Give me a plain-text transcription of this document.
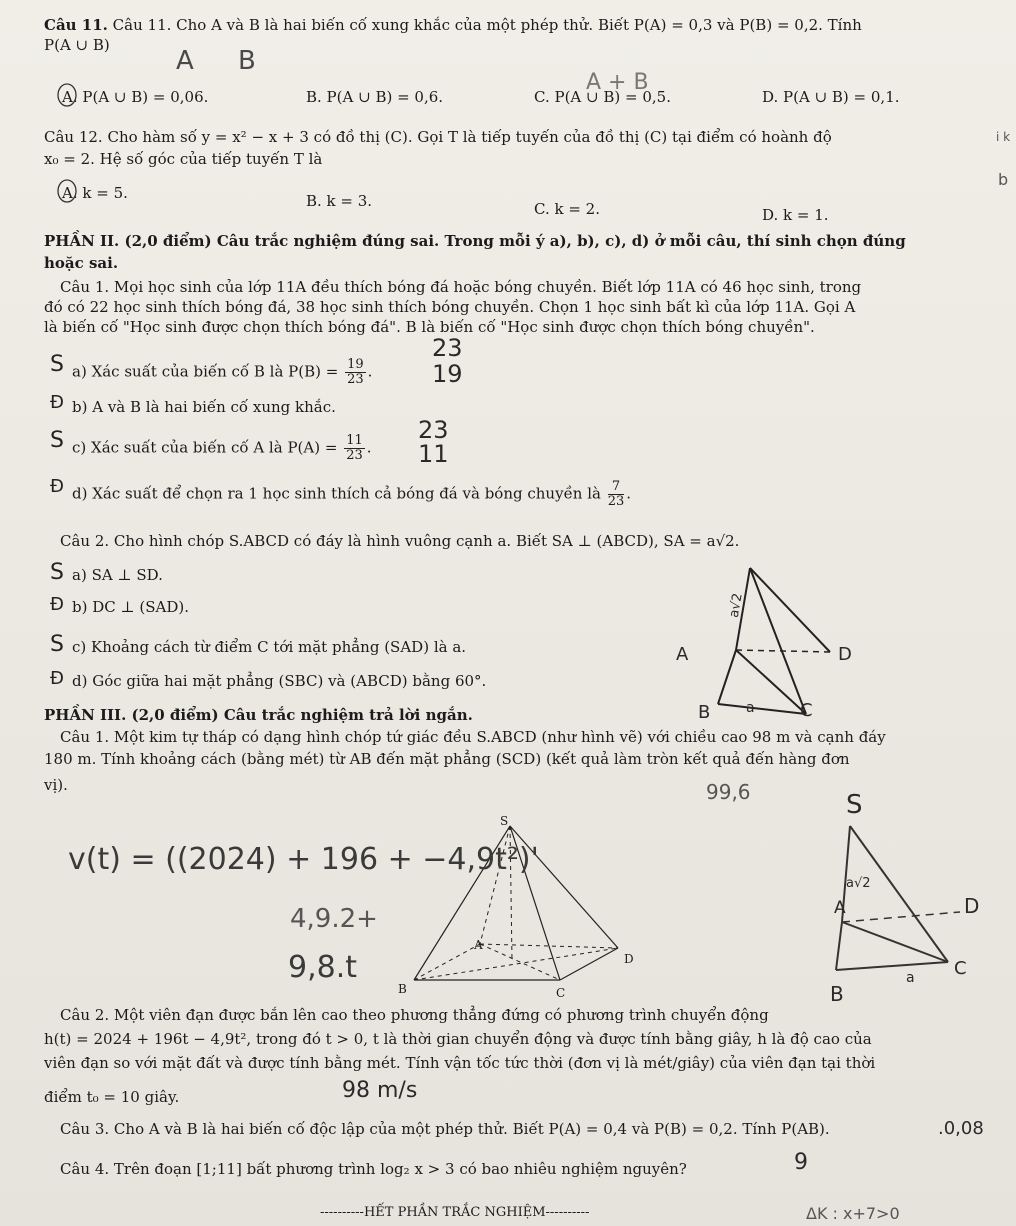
Câu 11. Câu 11. Cho A và B là hai biến cố xung khắc của một phép thử. Biết P(A) = 0,3 và P(B) = 0,2. Tính
P(A ∪ B)
A. P(A ∪ B) = 0,06.	B. P(A ∪ B) = 0,6.	C. P(A ∪ B) = 0,5.	D. P(A ∪ B) = 0,1.
Câu 12. Cho hàm số y = x² − x + 3 có đồ thị (C). Gọi T là tiếp tuyến của đồ thị (C) tại điểm có hoành độ
x₀ = 2. Hệ số góc của tiếp tuyến T là
A. k = 5.	B. k = 3.	C. k = 2.	D. k = 1.
PHẦN II. (2,0 điểm) Câu trắc nghiệm đúng sai. Trong mỗi ý a), b), c), d) ở mỗi câu, thí sinh chọn đúng
hoặc sai.
Câu 1. Mọi học sinh của lớp 11A đều thích bóng đá hoặc bóng chuyền. Biết lớp 11A có 46 học sinh, trong
đó có 22 học sinh thích bóng đá, 38 học sinh thích bóng chuyền. Chọn 1 học sinh bất kì của lớp 11A. Gọi A
là biến cố "Học sinh được chọn thích bóng đá". B là biến cố "Học sinh được chọn thích bóng chuyền".
a) Xác suất của biến cố B là $P(B) = \frac{19}{23}$ .
b) A và B là hai biến cố xung khắc.
c) Xác suất của biến cố A là $P(A) = \frac{11}{23}$ .
d) Xác suất để chọn ra 1 học sinh thích cả bóng đá và bóng chuyền là $\frac{7}{23}$ .
Câu 2. Cho hình chóp S.ABCD có đáy là hình vuông cạnh a. Biết SA ⊥ (ABCD), SA = a√2.
a) SA ⊥ SD.
b) DC ⊥ (SAD).
c) Khoảng cách từ điểm C tới mặt phẳng (SAD) là a.
d) Góc giữa hai mặt phẳng (SBC) và (ABCD) bằng 60°.
PHẦN III. (2,0 điểm) Câu trắc nghiệm trả lời ngắn.
Câu 1. Một kim tự tháp có dạng hình chóp tứ giác đều S.ABCD (như hình vẽ) với chiều cao 98 m và cạnh đáy
180 m. Tính khoảng cách (bằng mét) từ AB đến mặt phẳng (SCD) (kết quả làm tròn kết quả đến hàng đơn
vị).
Câu 2. Một viên đạn được bắn lên cao theo phương thẳng đứng có phương trình chuyển động
h(t) = 2024 + 196t − 4,9t², trong đó t > 0, t là thời gian chuyển động và được tính bằng giây, h là độ cao của
viên đạn so với mặt đất và được tính bằng mét. Tính vận tốc tức thời (đơn vị là mét/giây) của viên đạn tại thời
điểm t₀ = 10 giây.
Câu 3. Cho A và B là hai biến cố độc lập của một phép thử. Biết P(A) = 0,4 và P(B) = 0,2. Tính P(AB).
Câu 4. Trên đoạn [1;11] bất phương trình log₂ x > 3 có bao nhiêu nghiệm nguyên?
----------HẾT PHẦN TRẮC NGHIỆM----------
A	D
B	C
a
a√2
S
A
B	C
D
S
a√2
A	D
C
B
a
A B
A + B
23
19
23
11
99,6
v(t) = ((2024) + 196 + −4,9t²)'
4,9.2+
9,8.t
98 m/s
.0,08
9
ΔK : x+7>0
b
i k
S
Đ
S
Đ
S
Đ
S
Đ
